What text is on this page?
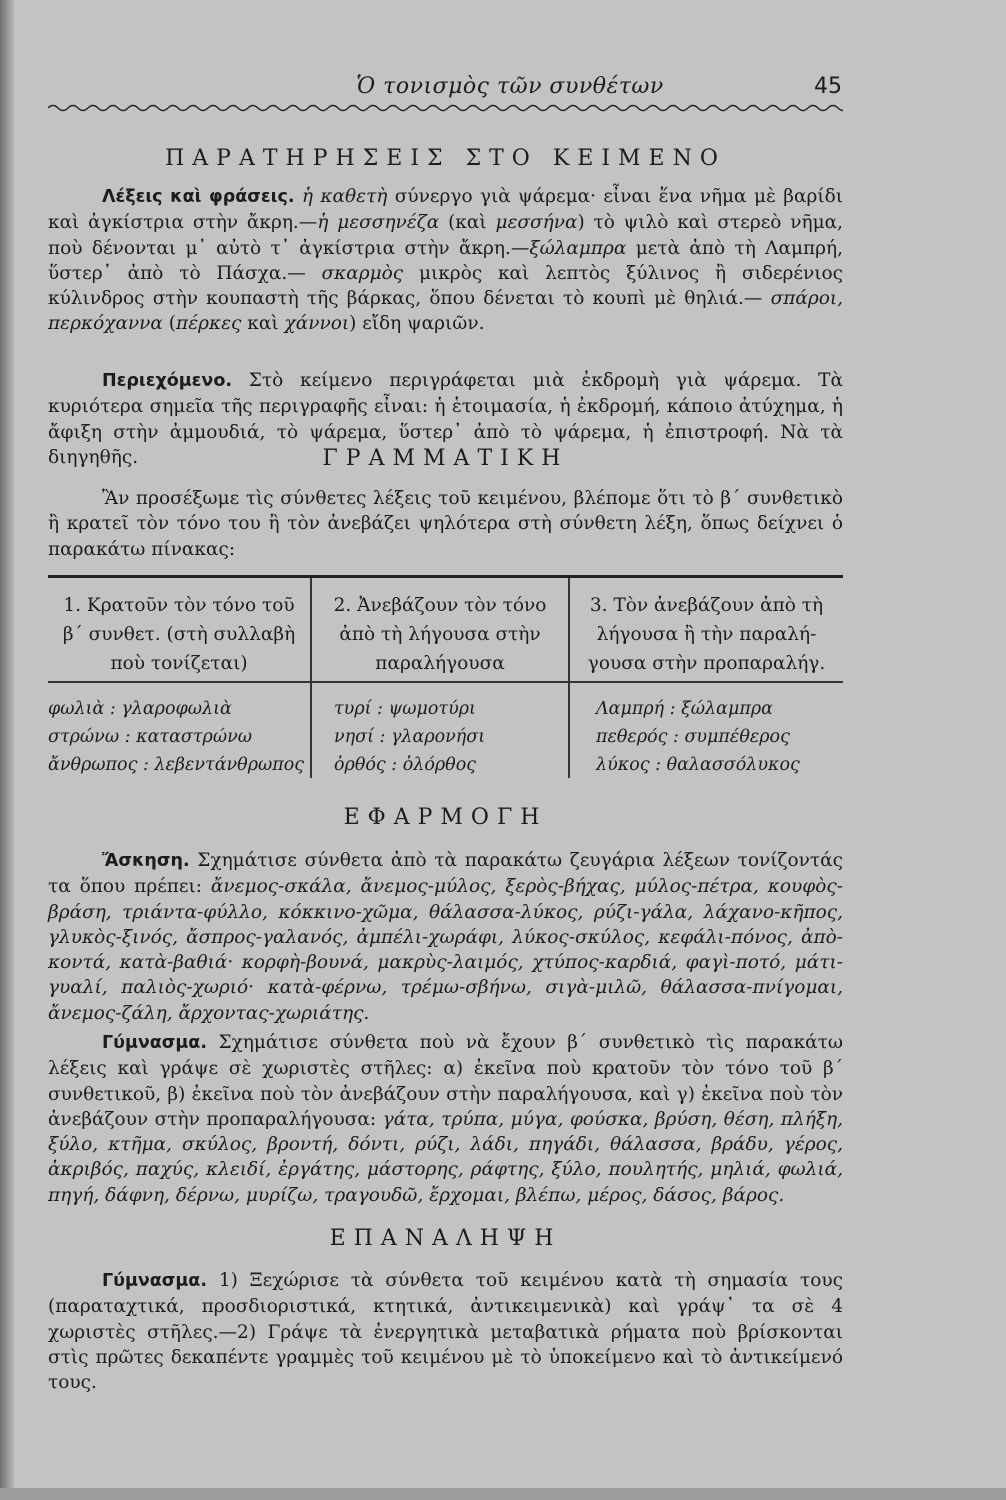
Ὁ τονισμὸς τῶν συνθέτων	45
ΠΑΡΑΤΗΡΗΣΕΙΣ ΣΤΟ ΚΕΙΜΕΝΟ
Λέξεις καὶ φράσεις. ἡ καθετὴ σύνεργο γιὰ ψάρεμα· εἶναι ἕνα νῆμα μὲ βαρίδι καὶ ἀγκίστρια στὴν ἄκρη.—ἡ μεσσηνέζα (καὶ μεσσήνα) τὸ ψιλὸ καὶ στερεὸ νῆμα, ποὺ δένονται μ᾽ αὐτὸ τ᾽ ἀγκίστρια στὴν ἄκρη.—ξώλαμπρα μετὰ ἀπὸ τὴ Λαμπρή, ὕστερ᾽ ἀπὸ τὸ Πάσχα.— σκαρμὸς μικρὸς καὶ λεπτὸς ξύλινος ἢ σιδερένιος κύλινδρος στὴν κουπαστὴ τῆς βάρκας, ὅπου δένεται τὸ κουπὶ μὲ θηλιά.— σπάροι, περκόχαννα (πέρκες καὶ χάννοι) εἴδη ψαριῶν.
Περιεχόμενο. Στὸ κείμενο περιγράφεται μιὰ ἐκδρομὴ γιὰ ψάρεμα. Τὰ κυριότερα σημεῖα τῆς περιγραφῆς εἶναι: ἡ ἑτοιμασία, ἡ ἐκδρομή, κάποιο ἀτύχημα, ἡ ἄφιξη στὴν ἀμμουδιά, τὸ ψάρεμα, ὕστερ᾽ ἀπὸ τὸ ψάρεμα, ἡ ἐπιστροφή. Νὰ τὰ διηγηθῆς.	ΓΡΑΜΜΑΤΙΚΗ
Ἂν προσέξωμε τὶς σύνθετες λέξεις τοῦ κειμένου, βλέπομε ὅτι τὸ β΄ συνθετικὸ ἢ κρατεῖ τὸν τόνο του ἢ τὸν ἀνεβάζει ψηλότερα στὴ σύνθετη λέξη, ὅπως δείχνει ὁ παρακάτω πίνακας:
1. Κρατοῦν τὸν τόνο τοῦ
β΄ συνθετ. (στὴ συλλαβὴ
ποὺ τονίζεται)
2. Ἀνεβάζουν τὸν τόνο
ἀπὸ τὴ λήγουσα στὴν
παραλήγουσα
3. Τὸν ἀνεβάζουν ἀπὸ τὴ
λήγουσα ἢ τὴν παραλή-
γουσα στὴν προπαραλήγ.
φωλιὰ : γλαροφωλιὰ
στρώνω : καταστρώνω
ἄνθρωπος : λεβεντάνθρωπος
τυρί : ψωμοτύρι
νησί : γλαρονήσι
ὀρθός : ὀλόρθος
Λαμπρή : ξώλαμπρα
πεθερός : συμπέθερος
λύκος : θαλασσόλυκος
ΕΦΑΡΜΟΓΗ
Ἄσκηση. Σχημάτισε σύνθετα ἀπὸ τὰ παρακάτω ζευγάρια λέξεων τονίζοντάς τα ὅπου πρέπει: ἄνεμος-σκάλα, ἄνεμος-μύλος, ξερὸς-βήχας, μύλος-πέτρα, κουφὸς-βράση, τριάντα-φύλλο, κόκκινο-χῶμα, θάλασσα-λύκος, ρύζι-γάλα, λάχανο-κῆπος, γλυκὸς-ξινός, ἄσπρος-γαλανός, ἀμπέλι-χωράφι, λύκος-σκύλος, κεφάλι-πόνος, ἀπὸ-κοντά, κατὰ-βαθιά· κορφὴ-βουνά, μακρὺς-λαιμός, χτύπος-καρδιά, φαγὶ-ποτό, μάτι-γυαλί, παλιὸς-χωριό· κατὰ-φέρνω, τρέμω-σβήνω, σιγὰ-μιλῶ, θάλασσα-πνίγομαι, ἄνεμος-ζάλη, ἄρχοντας-χωριάτης.
Γύμνασμα. Σχημάτισε σύνθετα ποὺ νὰ ἔχουν β΄ συνθετικὸ τὶς παρακάτω λέξεις καὶ γράψε σὲ χωριστὲς στῆλες: α) ἐκεῖνα ποὺ κρατοῦν τὸν τόνο τοῦ β΄ συνθετικοῦ, β) ἐκεῖνα ποὺ τὸν ἀνεβάζουν στὴν παραλήγουσα, καὶ γ) ἐκεῖνα ποὺ τὸν ἀνεβάζουν στὴν προπαραλήγουσα: γάτα, τρύπα, μύγα, φούσκα, βρύση, θέση, πλήξη, ξύλο, κτῆμα, σκύλος, βροντή, δόντι, ρύζι, λάδι, πηγάδι, θάλασσα, βράδυ, γέρος, ἀκριβός, παχύς, κλειδί, ἐργάτης, μάστορης, ράφτης, ξύλο, πουλητής, μηλιά, φωλιά, πηγή, δάφνη, δέρνω, μυρίζω, τραγουδῶ, ἔρχομαι, βλέπω, μέρος, δάσος, βάρος.
ΕΠΑΝΑΛΗΨΗ
Γύμνασμα. 1) Ξεχώρισε τὰ σύνθετα τοῦ κειμένου κατὰ τὴ σημασία τους (παραταχτικά, προσδιοριστικά, κτητικά, ἀντικειμενικὰ) καὶ γράψ᾽ τα σὲ 4 χωριστὲς στῆλες.—2) Γράψε τὰ ἐνεργητικὰ μεταβατικὰ ρήματα ποὺ βρίσκονται στὶς πρῶτες δεκαπέντε γραμμὲς τοῦ κειμένου μὲ τὸ ὑποκείμενο καὶ τὸ ἀντικείμενό τους.
